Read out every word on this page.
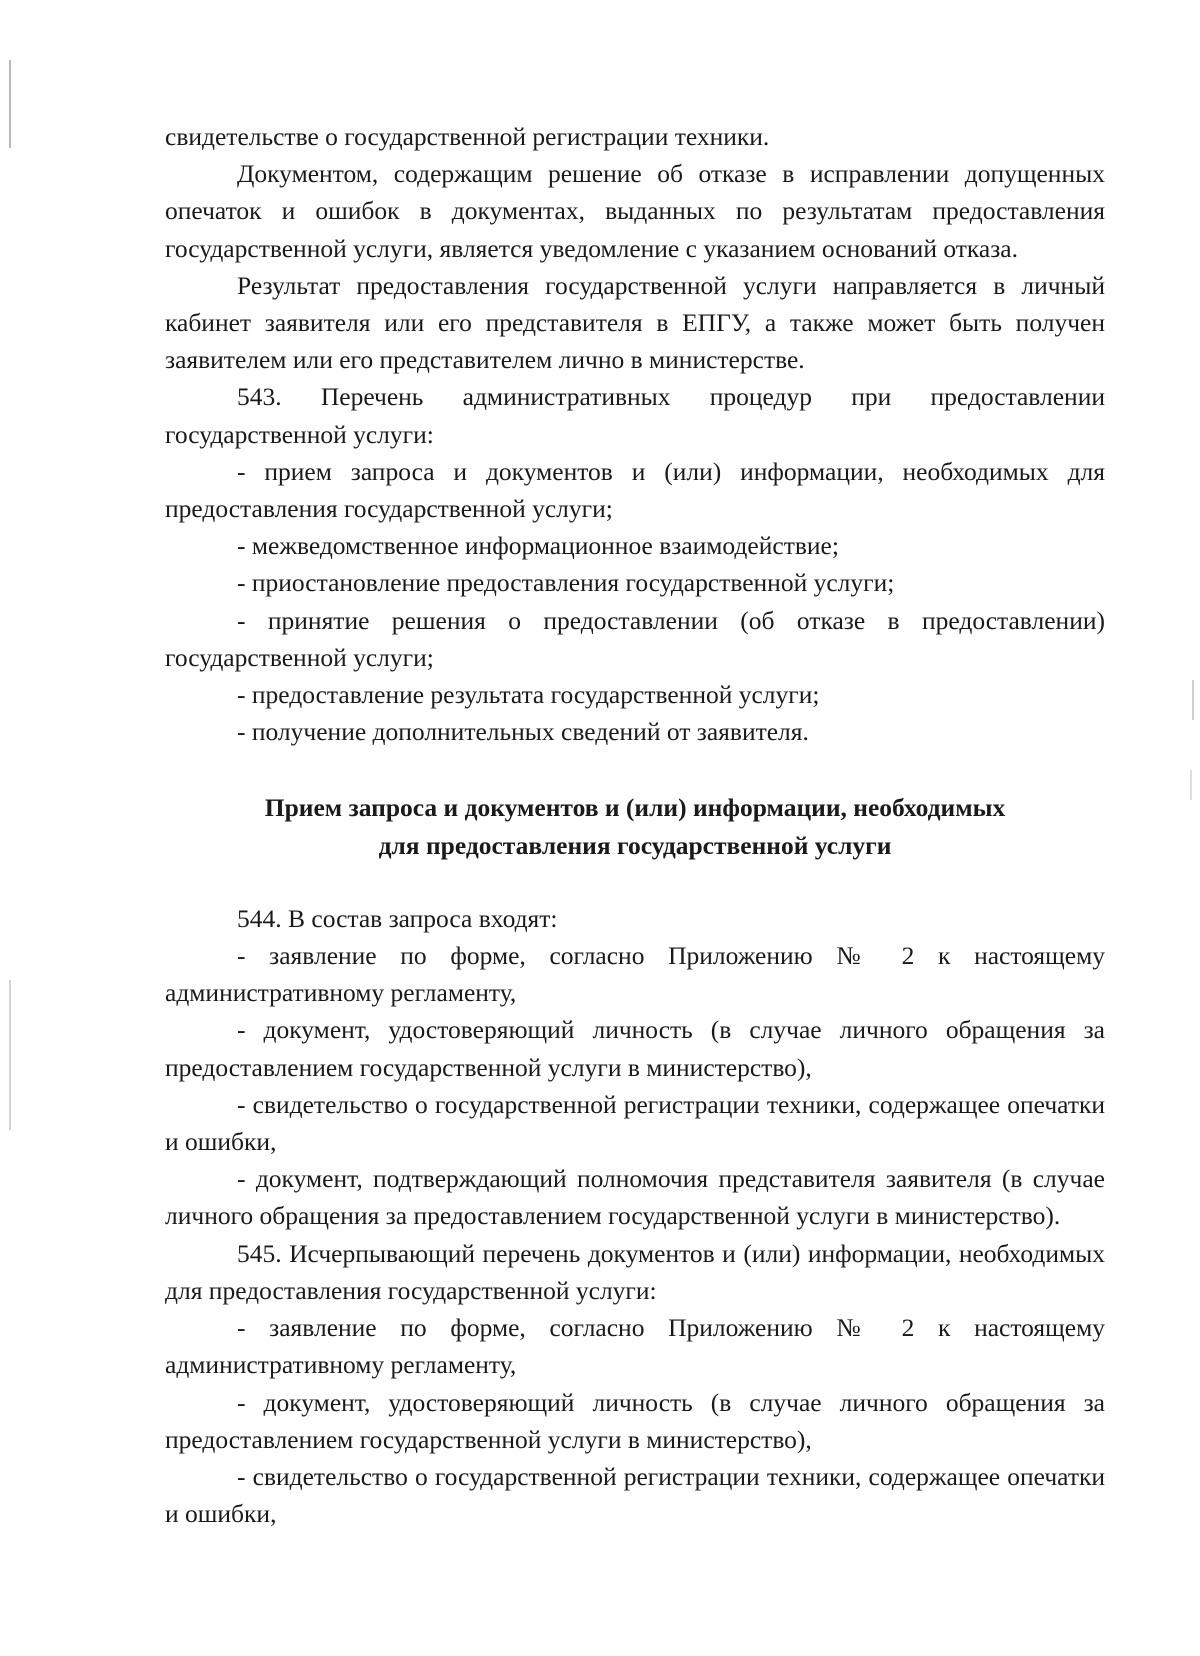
свидетельстве о государственной регистрации техники.

Документом, содержащим решение об отказе в исправлении допущенных опечаток и ошибок в документах, выданных по результатам предоставления государственной услуги, является уведомление с указанием оснований отказа.

Результат предоставления государственной услуги направляется в личный кабинет заявителя или его представителя в ЕПГУ, а также может быть получен заявителем или его представителем лично в министерстве.

543. Перечень административных процедур при предоставлении государственной услуги:

- прием запроса и документов и (или) информации, необходимых для предоставления государственной услуги;

- межведомственное информационное взаимодействие;

- приостановление предоставления государственной услуги;

- принятие решения о предоставлении (об отказе в предоставлении) государственной услуги;

- предоставление результата государственной услуги;

- получение дополнительных сведений от заявителя.

Прием запроса и документов и (или) информации, необходимых
для предоставления государственной услуги

544. В состав запроса входят:

- заявление по форме, согласно Приложению № 2 к настоящему административному регламенту,

- документ, удостоверяющий личность (в случае личного обращения за предоставлением государственной услуги в министерство),

- свидетельство о государственной регистрации техники, содержащее опечатки и ошибки,

- документ, подтверждающий полномочия представителя заявителя (в случае личного обращения за предоставлением государственной услуги в министерство).

545. Исчерпывающий перечень документов и (или) информации, необходимых для предоставления государственной услуги:

- заявление по форме, согласно Приложению № 2 к настоящему административному регламенту,

- документ, удостоверяющий личность (в случае личного обращения за предоставлением государственной услуги в министерство),

- свидетельство о государственной регистрации техники, содержащее опечатки и ошибки,
